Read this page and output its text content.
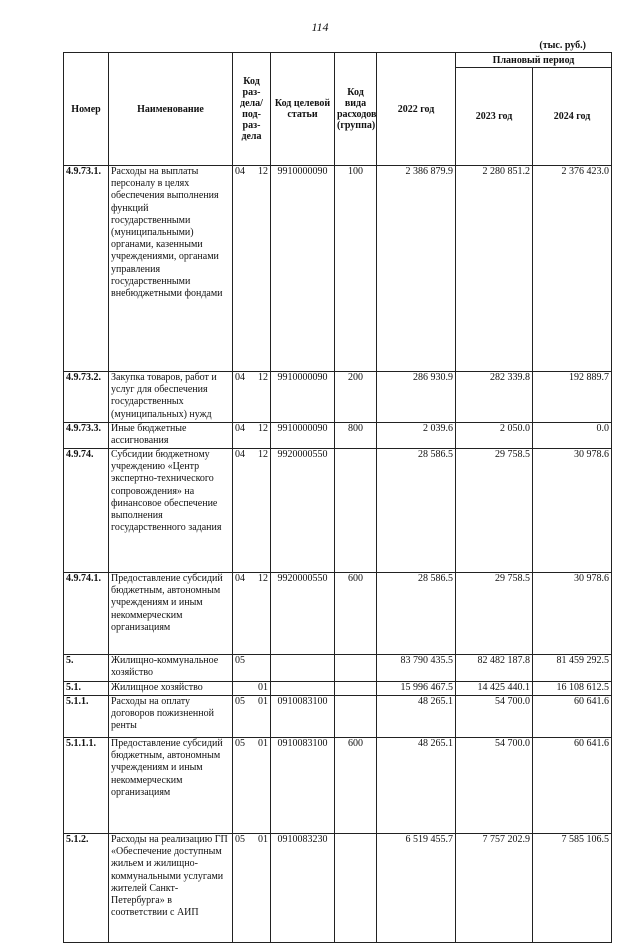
114
(тыс. руб.)
Номер	Наименование	Код раз-дела/ под-раз-дела	Код целевой статьи	Код вида расходов (группа)	2022 год	Плановый период	
						2023 год	2024 год
4.9.73.1.	Расходы на выплаты персоналу в целях обеспечения выполнения функций государственными (муниципальными) органами, казенными учреждениями, органами управления государственными внебюджетными фондами	04 12	9910000090	100	2 386 879.9	2 280 851.2	2 376 423.0
4.9.73.2.	Закупка товаров, работ и услуг для обеспечения государственных (муниципальных) нужд	04 12	9910000090	200	286 930.9	282 339.8	192 889.7
4.9.73.3.	Иные бюджетные ассигнования	04 12	9910000090	800	2 039.6	2 050.0	0.0
4.9.74.	Субсидии бюджетному учреждению «Центр экспертно-технического сопровождения» на финансовое обеспечение выполнения государственного задания	04 12	9920000550		28 586.5	29 758.5	30 978.6
4.9.74.1.	Предоставление субсидий бюджетным, автономным учреждениям и иным некоммерческим организациям	04 12	9920000550	600	28 586.5	29 758.5	30 978.6
5.	Жилищно-коммунальное хозяйство	05			83 790 435.5	82 482 187.8	81 459 292.5
5.1.	Жилищное хозяйство	01			15 996 467.5	14 425 440.1	16 108 612.5
5.1.1.	Расходы на оплату договоров пожизненной ренты	05 01	0910083100		48 265.1	54 700.0	60 641.6
5.1.1.1.	Предоставление субсидий бюджетным, автономным учреждениям и иным некоммерческим организациям	05 01	0910083100	600	48 265.1	54 700.0	60 641.6
5.1.2.	Расходы на реализацию ГП «Обеспечение доступным жильем и жилищно-коммунальными услугами жителей Санкт-Петербурга» в соответствии с АИП	05 01	0910083230		6 519 455.7	7 757 202.9	7 585 106.5
